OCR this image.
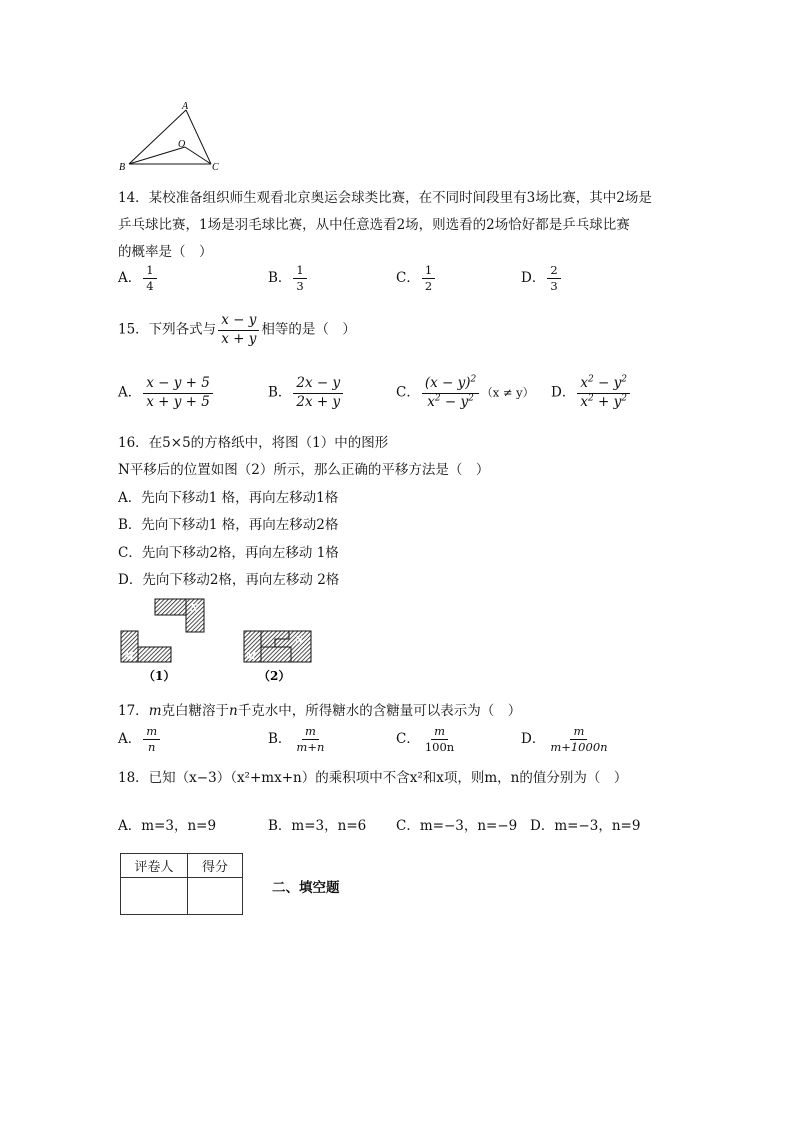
A
B	C
O
14．某校准备组织师生观看北京奥运会球类比赛，在不同时间段里有3场比赛，其中2场是
乒乓球比赛，1场是羽毛球比赛，从中任意选看2场，则选看的2场恰好都是乒乓球比赛
的概率是（　）
A． $\frac{1}{4}$	B． $\frac{1}{3}$	C． $\frac{1}{2}$	D． $\frac{2}{3}$
15．下列各式与 $\frac{x - y}{x + y}$ 相等的是（　）
A． $\frac{x - y + 5}{x + y + 5}$	B． $\frac{2x - y}{2x + y}$	C． $\frac{(x - y)^2}{x^2 - y^2} (x \ne y)$ D． $\frac{x^2 - y^2}{x^2 + y^2}$
16．在5×5的方格纸中，将图（1）中的图形
N平移后的位置如图（2）所示，那么正确的平移方法是（　）
A．先向下移动1 格，再向左移动1格
B．先向下移动1 格，再向左移动2格
C．先向下移动2格，再向左移动 1格
D．先向下移动2格，再向左移动 2格
N
M	M
N
（1）	（2）
17．m克白糖溶于n千克水中，所得糖水的含糖量可以表示为（　）
A． $\frac{m}{n}$	B． $\frac{m}{m+n}$	C． $\frac{m}{100n}$	D． $\frac{m}{m+1000n}$
18．已知（x−3）（x²+mx+n）的乘积项中不含x²和x项，则m，n的值分别为（　）
A．m=3，n=9	B．m=3，n=6 C．m=−3，n=−9 D．m=−3，n=9
评卷人	得分

二、填空题
